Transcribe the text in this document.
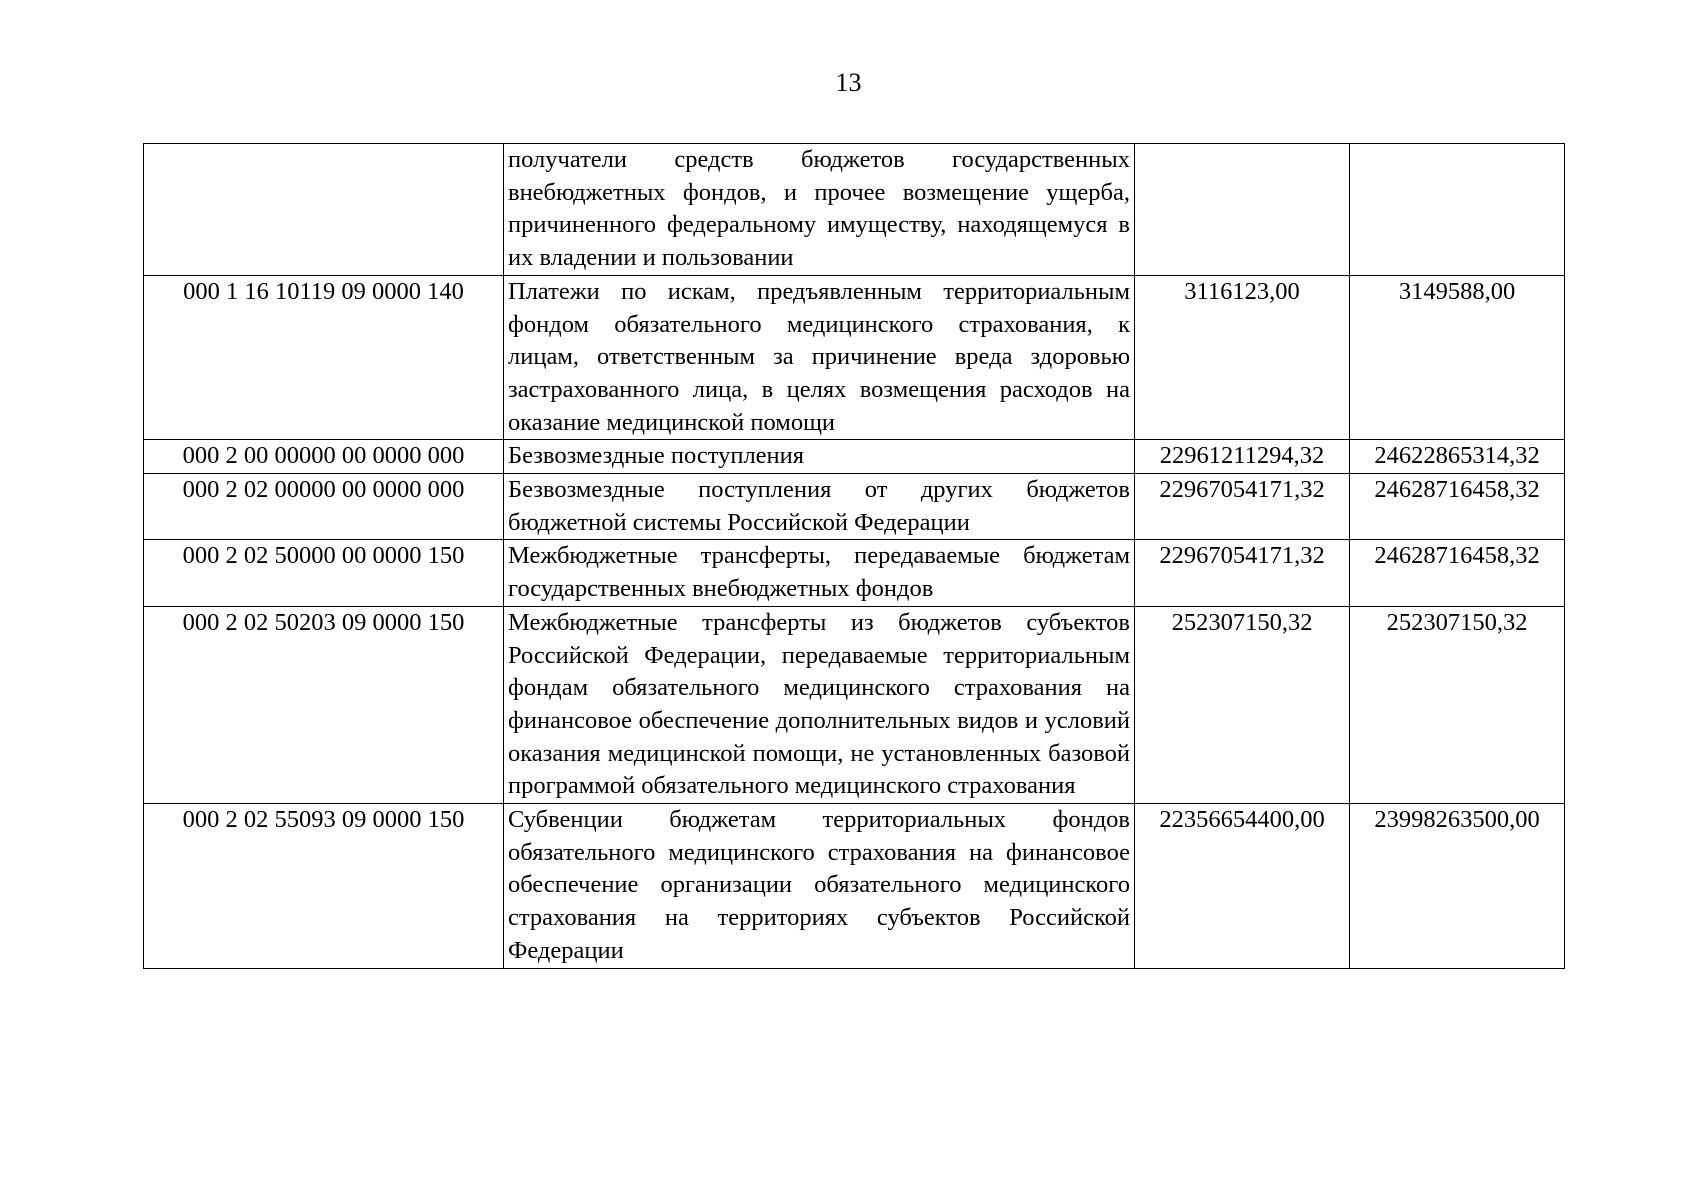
13
	получатели средств бюджетов государственных внебюджетных фондов, и прочее возмещение ущерба, причиненного федеральному имуществу, находящемуся в их владении и пользовании		
000 1 16 10119 09 0000 140	Платежи по искам, предъявленным территориальным фондом обязательного медицинского страхования, к лицам, ответственным за причинение вреда здоровью застрахованного лица, в целях возмещения расходов на оказание медицинской помощи	3116123,00	3149588,00
000 2 00 00000 00 0000 000	Безвозмездные поступления	22961211294,32	24622865314,32
000 2 02 00000 00 0000 000	Безвозмездные поступления от других бюджетов бюджетной системы Российской Федерации	22967054171,32	24628716458,32
000 2 02 50000 00 0000 150	Межбюджетные трансферты, передаваемые бюджетам государственных внебюджетных фондов	22967054171,32	24628716458,32
000 2 02 50203 09 0000 150	Межбюджетные трансферты из бюджетов субъектов Российской Федерации, передаваемые территориальным фондам обязательного медицинского страхования на финансовое обеспечение дополнительных видов и условий оказания медицинской помощи, не установленных базовой программой обязательного медицинского страхования	252307150,32	252307150,32
000 2 02 55093 09 0000 150	Субвенции бюджетам территориальных фондов обязательного медицинского страхования на финансовое обеспечение организации обязательного медицинского страхования на территориях субъектов Российской Федерации	22356654400,00	23998263500,00
